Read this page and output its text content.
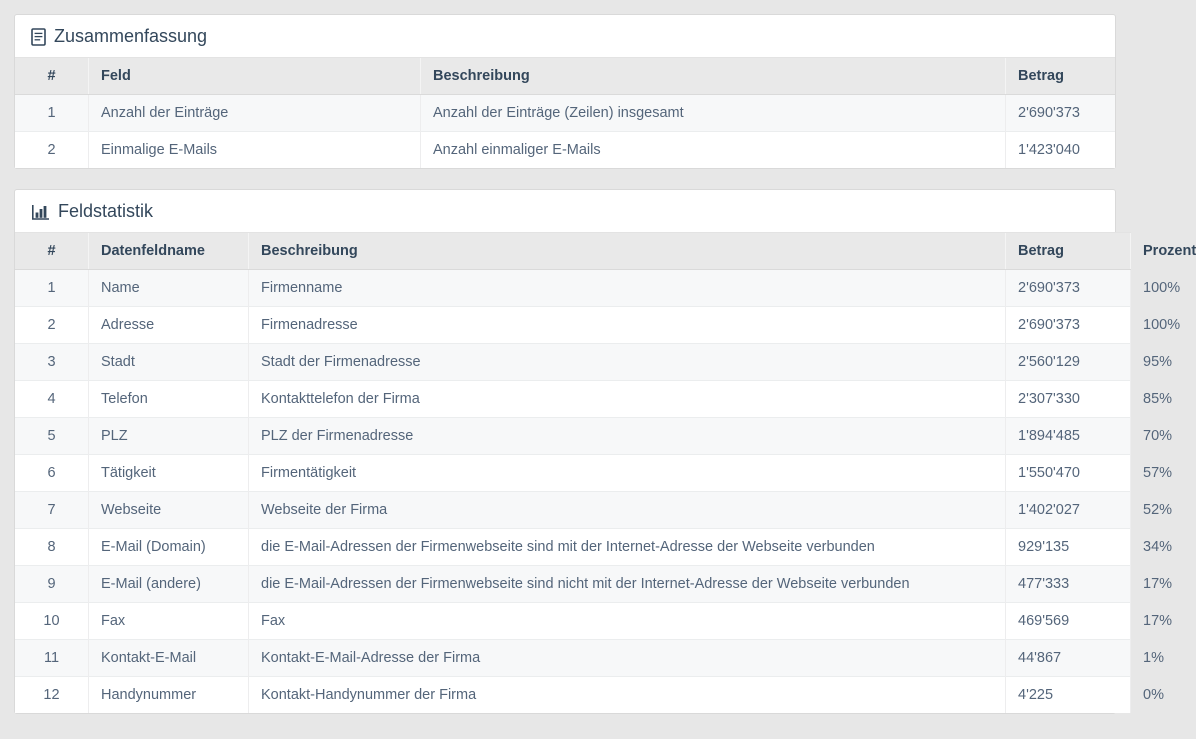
Zusammenfassung
#	Feld	Beschreibung	Betrag
1	Anzahl der Einträge	Anzahl der Einträge (Zeilen) insgesamt	2'690'373
2	Einmalige E-Mails	Anzahl einmaliger E-Mails	1'423'040
Feldstatistik
#	Datenfeldname	Beschreibung	Betrag	Prozent
1	Name	Firmenname	2'690'373	100%
2	Adresse	Firmenadresse	2'690'373	100%
3	Stadt	Stadt der Firmenadresse	2'560'129	95%
4	Telefon	Kontakttelefon der Firma	2'307'330	85%
5	PLZ	PLZ der Firmenadresse	1'894'485	70%
6	Tätigkeit	Firmentätigkeit	1'550'470	57%
7	Webseite	Webseite der Firma	1'402'027	52%
8	E-Mail (Domain)	die E-Mail-Adressen der Firmenwebseite sind mit der Internet-Adresse der Webseite verbunden	929'135	34%
9	E-Mail (andere)	die E-Mail-Adressen der Firmenwebseite sind nicht mit der Internet-Adresse der Webseite verbunden	477'333	17%
10	Fax	Fax	469'569	17%
11	Kontakt-E-Mail	Kontakt-E-Mail-Adresse der Firma	44'867	1%
12	Handynummer	Kontakt-Handynummer der Firma	4'225	0%
